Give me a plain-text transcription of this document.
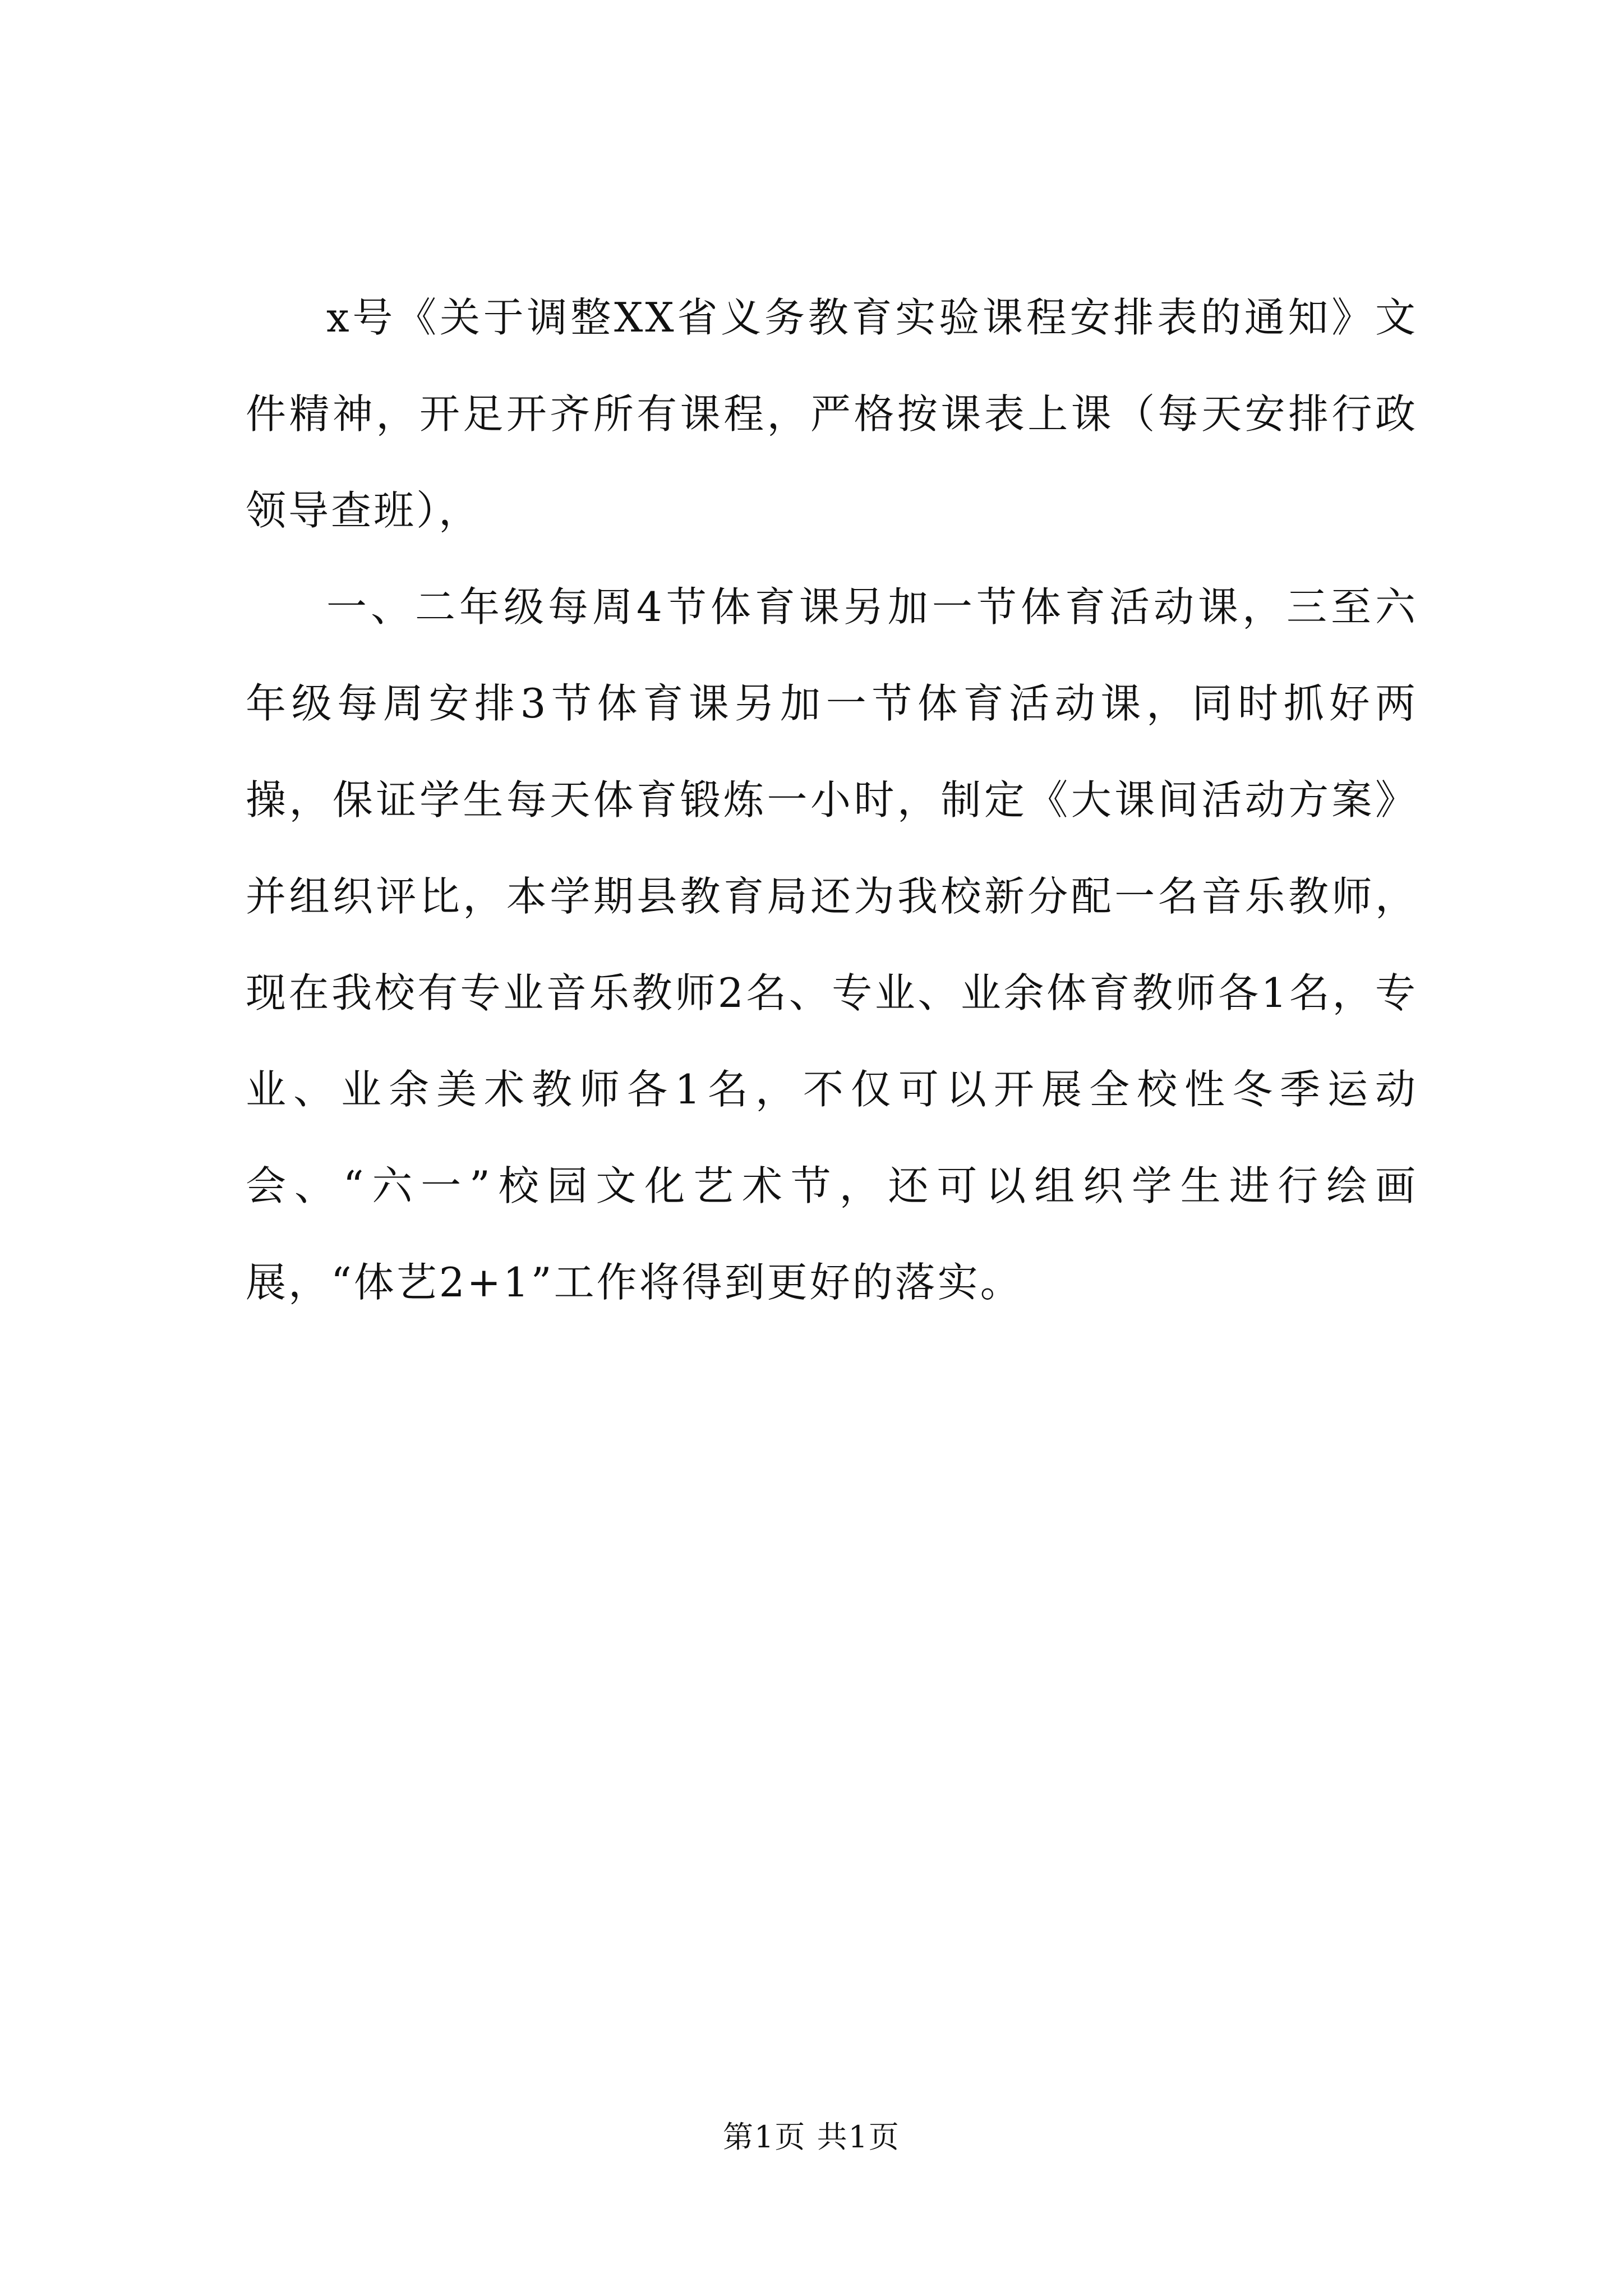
x号《关于调整XX省义务教育实验课程安排表的通知》文件精神，开足开齐所有课程，严格按课表上课（每天安排行政领导查班），

一、二年级每周4节体育课另加一节体育活动课，三至六年级每周安排3节体育课另加一节体育活动课，同时抓好两操，保证学生每天体育锻炼一小时，制定《大课间活动方案》并组织评比，本学期县教育局还为我校新分配一名音乐教师，现在我校有专业音乐教师2名、专业、业余体育教师各1名，专业、业余美术教师各1名，不仅可以开展全校性冬季运动会、“六一”校园文化艺术节，还可以组织学生进行绘画展，“体艺2+1”工作将得到更好的落实。

第1页 共1页
